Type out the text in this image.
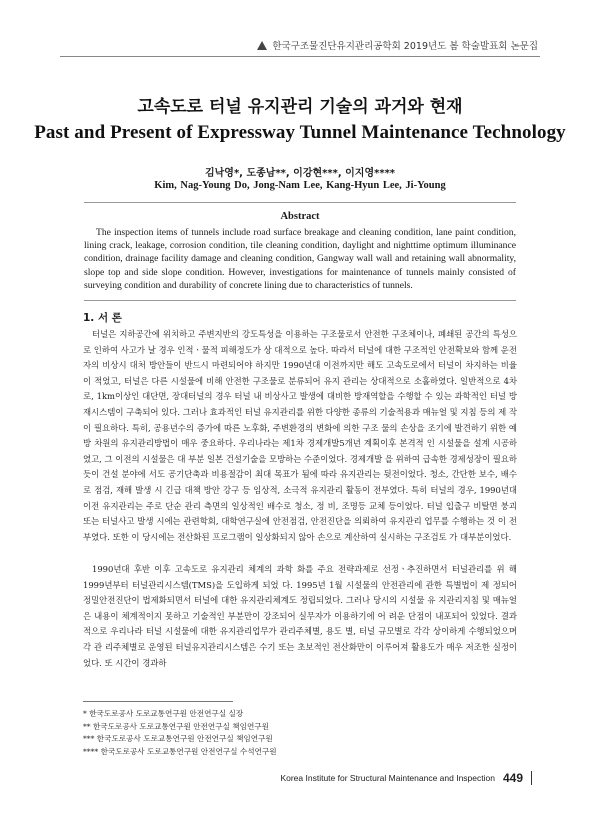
한국구조물진단유지관리공학회 2019년도 봄 학술발표회 논문집
고속도로 터널 유지관리 기술의 과거와 현재
Past and Present of Expressway Tunnel Maintenance Technology
김낙영*, 도종남**, 이강현***, 이지영****
Kim, Nag-Young Do, Jong-Nam Lee, Kang-Hyun Lee, Ji-Young
Abstract
The inspection items of tunnels include road surface breakage and cleaning condition, lane paint condition, lining crack, leakage, corrosion condition, tile cleaning condition, daylight and nighttime optimum illuminance condition, drainage facility damage and cleaning condition, Gangway wall wall and retaining wall abnormality, slope top and side slope condition. However, investigations for maintenance of tunnels mainly consisted of surveying condition and durability of concrete lining due to characteristics of tunnels.
1. 서 론
터널은 지하공간에 위치하고 주변지반의 강도특성을 이용하는 구조물로서 안전한 구조체이나, 폐쇄된 공간의 특성으로 인하여 사고가 날 경우 인적ㆍ물적 피해정도가 상 대적으로 높다. 따라서 터널에 대한 구조적인 안전확보와 함께 운전자의 비상시 대처 방안들이 반드시 마련되어야 하지만 1990년대 이전까지만 해도 고속도로에서 터널이 차지하는 비율이 적었고, 터널은 다른 시설물에 비해 안전한 구조물로 분류되어 유지 관리는 상대적으로 소홀하였다. 일반적으로 4차로, 1km이상인 대단면, 장대터널의 경우 터널 내 비상사고 발생에 대비한 방재역할을 수행할 수 있는 과학적인 터널 방재시스템이 구축되어 있다. 그러나 효과적인 터널 유지관리를 위한 다양한 종류의 기술적용과 매뉴얼 및 지침 등의 제 작이 필요하다. 특히, 공용년수의 증가에 따른 노후화, 주변환경의 변화에 의한 구조 물의 손상을 조기에 발견하기 위한 예방 차원의 유지관리방법이 매우 중요하다. 우리나라는 제1차 경제개발5개년 계획이후 본격적 인 시설물을 설계 시공하였고, 그 이전의 시설물은 대 부분 일본 건설기술을 모방하는 수준이었다. 경제개발 을 위하여 급속한 경제성장이 필요하듯이 건설 분야에 서도 공기단축과 비용절감이 최대 목표가 됨에 따라 유지관리는 뒷전이었다. 청소, 간단한 보수, 배수로 점검, 재해 발생 시 긴급 대책 방안 강구 등 임상적, 소극적 유지관리 활동이 전부였다. 특히 터널의 경우, 1990년대 이전 유지관리는 주로 단순 관리 측면의 일상적인 배수로 청소, 정 비, 조명등 교체 등이었다. 터널 입출구 비탈면 붕괴 또는 터널사고 발생 시에는 관련학회, 대학연구실에 안전점검, 안전진단을 의뢰하여 유지관리 업무를 수행하는 것 이 전부였다. 또한 이 당시에는 전산화된 프로그램이 일상화되지 않아 손으로 계산하여 실시하는 구조검토 가 대부분이었다.
1990년대 후반 이후 고속도로 유지관리 체계의 과학 화를 주요 전략과제로 선정ㆍ추진하면서 터널관리를 위 해 1999년부터 터널관리시스템(TMS)을 도입하게 되었 다. 1995년 1월 시설물의 안전관리에 관한 특별법이 제 정되어 정밀안전진단이 법제화되면서 터널에 대한 유지관리체계도 정립되었다. 그러나 당시의 시설물 유 지관리지침 및 매뉴얼은 내용이 체계적이지 못하고 기술적인 부분만이 강조되어 실무자가 이용하기에 어 려운 단점이 내포되어 있었다. 결과적으로 우리나라 터널 시설물에 대한 유지관리업무가 관리주체별, 용도 별, 터널 규모별로 각각 상이하게 수행되었으며 각 관 리주체별로 운영된 터널유지관리시스템은 수기 또는 초보적인 전산화만이 이루어져 활용도가 매우 저조한 실정이었다. 또 시간이 경과하
* 한국도로공사 도로교통연구원 안전연구실 실장
** 한국도로공사 도로교통연구원 안전연구실 책임연구원
*** 한국도로공사 도로교통연구원 안전연구실 책임연구원
**** 한국도로공사 도로교통연구원 안전연구실 수석연구원
Korea Institute for Structural Maintenance and Inspection 449
